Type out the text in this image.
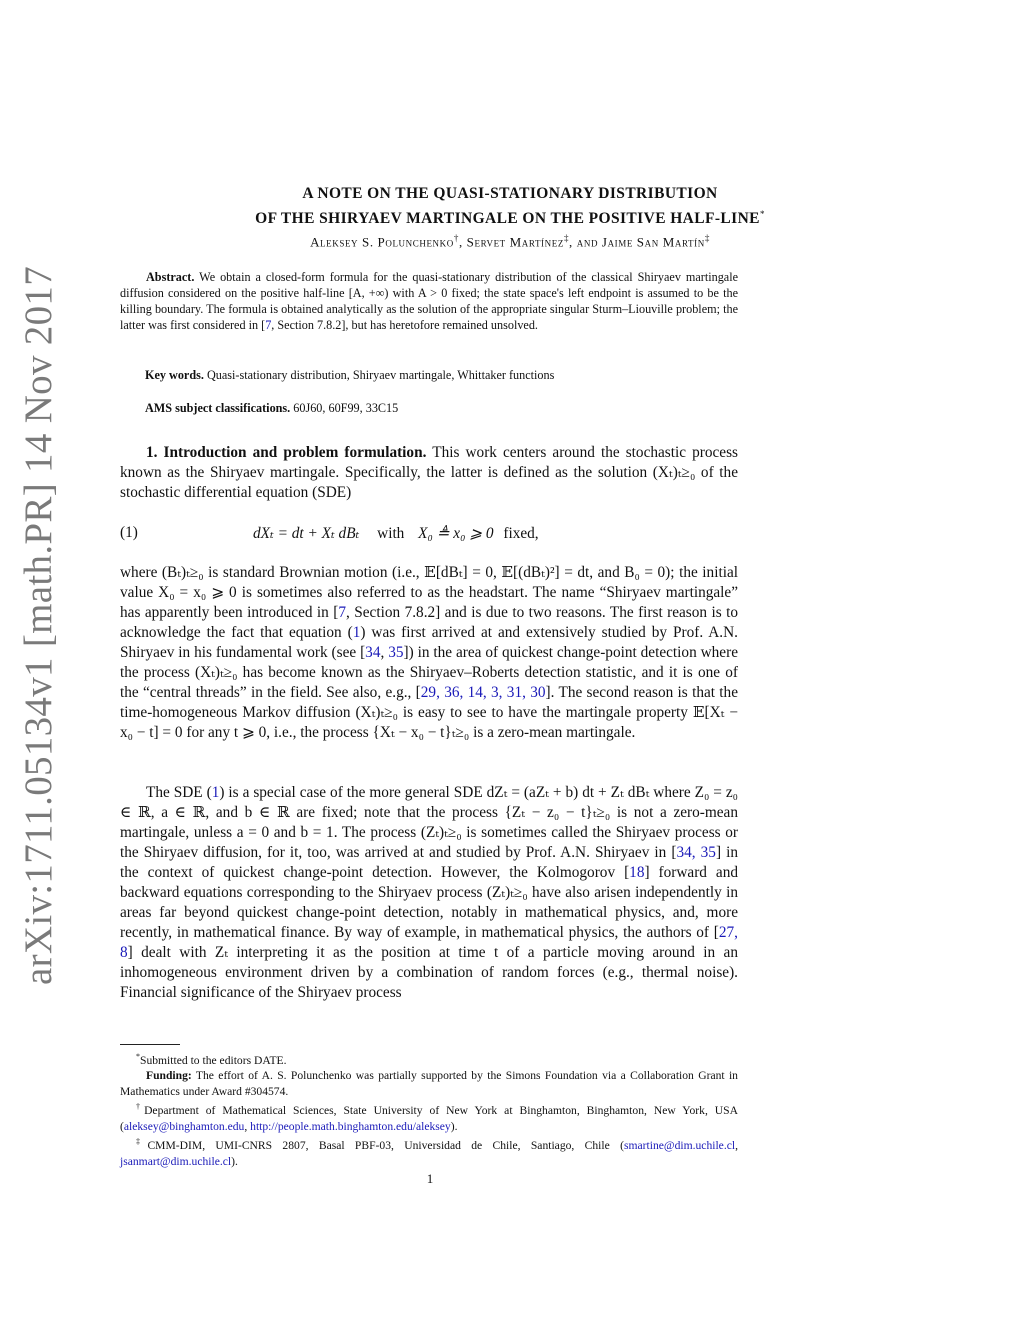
arXiv:1711.05134v1 [math.PR] 14 Nov 2017
A NOTE ON THE QUASI-STATIONARY DISTRIBUTION
OF THE SHIRYAEV MARTINGALE ON THE POSITIVE HALF-LINE*
Aleksey S. Polunchenko†, Servet Martínez‡, and Jaime San Martín‡
Abstract. We obtain a closed-form formula for the quasi-stationary distribution of the classical Shiryaev martingale diffusion considered on the positive half-line [A, +∞) with A > 0 fixed; the state space's left endpoint is assumed to be the killing boundary. The formula is obtained analytically as the solution of the appropriate singular Sturm–Liouville problem; the latter was first considered in [7, Section 7.8.2], but has heretofore remained unsolved.
Key words. Quasi-stationary distribution, Shiryaev martingale, Whittaker functions
AMS subject classifications. 60J60, 60F99, 33C15
1. Introduction and problem formulation. This work centers around the stochastic process known as the Shiryaev martingale. Specifically, the latter is defined as the solution (Xₜ)ₜ≥₀ of the stochastic differential equation (SDE)
(1)	dXₜ = dt + Xₜ dBₜ with X₀ ≜ x₀ ⩾ 0 fixed,
where (Bₜ)ₜ≥₀ is standard Brownian motion (i.e., 𝔼[dBₜ] = 0, 𝔼[(dBₜ)²] = dt, and B₀ = 0); the initial value X₀ = x₀ ⩾ 0 is sometimes also referred to as the headstart. The name “Shiryaev martingale” has apparently been introduced in [7, Section 7.8.2] and is due to two reasons. The first reason is to acknowledge the fact that equation (1) was first arrived at and extensively studied by Prof. A.N. Shiryaev in his fundamental work (see [34, 35]) in the area of quickest change-point detection where the process (Xₜ)ₜ≥₀ has become known as the Shiryaev–Roberts detection statistic, and it is one of the “central threads” in the field. See also, e.g., [29, 36, 14, 3, 31, 30]. The second reason is that the time-homogeneous Markov diffusion (Xₜ)ₜ≥₀ is easy to see to have the martingale property 𝔼[Xₜ − x₀ − t] = 0 for any t ⩾ 0, i.e., the process {Xₜ − x₀ − t}ₜ≥₀ is a zero-mean martingale.
The SDE (1) is a special case of the more general SDE dZₜ = (aZₜ + b) dt + Zₜ dBₜ where Z₀ = z₀ ∈ ℝ, a ∈ ℝ, and b ∈ ℝ are fixed; note that the process {Zₜ − z₀ − t}ₜ≥₀ is not a zero-mean martingale, unless a = 0 and b = 1. The process (Zₜ)ₜ≥₀ is sometimes called the Shiryaev process or the Shiryaev diffusion, for it, too, was arrived at and studied by Prof. A.N. Shiryaev in [34, 35] in the context of quickest change-point detection. However, the Kolmogorov [18] forward and backward equations corresponding to the Shiryaev process (Zₜ)ₜ≥₀ have also arisen independently in areas far beyond quickest change-point detection, notably in mathematical physics, and, more recently, in mathematical finance. By way of example, in mathematical physics, the authors of [27, 8] dealt with Zₜ interpreting it as the position at time t of a particle moving around in an inhomogeneous environment driven by a combination of random forces (e.g., thermal noise). Financial significance of the Shiryaev process

*Submitted to the editors DATE.

Funding: The effort of A. S. Polunchenko was partially supported by the Simons Foundation via a Collaboration Grant in Mathematics under Award #304574.

†Department of Mathematical Sciences, State University of New York at Binghamton, Binghamton, New York, USA (aleksey@binghamton.edu, http://people.math.binghamton.edu/aleksey).

‡CMM-DIM, UMI-CNRS 2807, Basal PBF-03, Universidad de Chile, Santiago, Chile (smartine@dim.uchile.cl, jsanmart@dim.uchile.cl).

1
